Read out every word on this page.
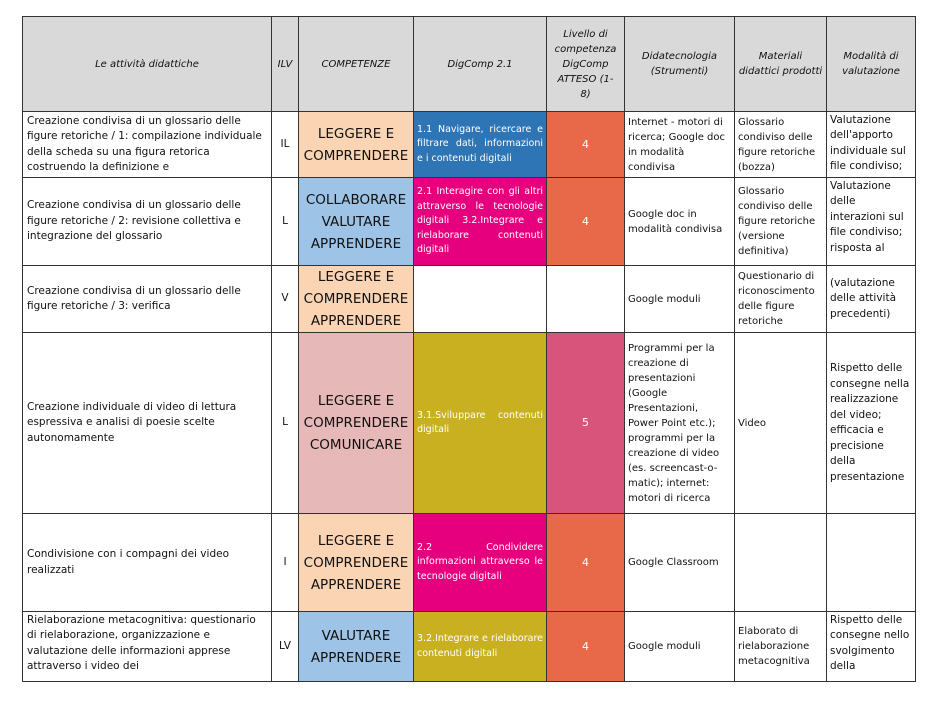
Le attività didattiche	ILV	COMPETENZE	DigComp 2.1	Livello di competenza DigComp ATTESO (1-8)	Didatecnologia (Strumenti)	Materiali didattici prodotti	Modalità di valutazione
Creazione condivisa di un glossario delle figure retoriche / 1: compilazione individuale della scheda su una figura retorica costruendo la definizione e	IL	LEGGERE E COMPRENDERE	1.1 Navigare, ricercare e filtrare dati, informazioni e i contenuti digitali	4	Internet - motori di ricerca; Google doc in modalità condivisa	Glossario condiviso delle figure retoriche (bozza)	Valutazione dell'apporto individuale sul file condiviso;

Creazione condivisa di un glossario delle figure retoriche / 2: revisione collettiva e integrazione del glossario	L	COLLABORARE VALUTARE APPRENDERE	2.1 Interagire con gli altri attraverso le tecnologie digitali 3.2.Integrare e rielaborare contenuti digitali	4	Google doc in modalità condivisa	Glossario condiviso delle figure retoriche (versione definitiva)	Valutazione delle interazioni sul file condiviso; risposta al

Creazione condivisa di un glossario delle figure retoriche / 3: verifica	V	LEGGERE E COMPRENDERE APPRENDERE			Google moduli	Questionario di riconoscimento delle figure retoriche	(valutazione delle attività precedenti)
Creazione individuale di video di lettura espressiva e analisi di poesie scelte autonomamente	L	LEGGERE E COMPRENDERE COMUNICARE	3.1.Sviluppare contenuti digitali	5	Programmi per la creazione di presentazioni (Google Presentazioni, Power Point etc.); programmi per la creazione di video (es. screencast-o-matic); internet: motori di ricerca	Video	Rispetto delle consegne nella realizzazione del video; efficacia e precisione della presentazione
Condivisione con i compagni dei video realizzati	I	LEGGERE E COMPRENDERE APPRENDERE	2.2 Condividere informazioni attraverso le tecnologie digitali	4	Google Classroom		

Rielaborazione metacognitiva: questionario di rielaborazione, organizzazione e valutazione delle informazioni apprese attraverso i video dei	LV	VALUTARE APPRENDERE	3.2.Integrare e rielaborare contenuti digitali	4	Google moduli	Elaborato di rielaborazione metacognitiva	Rispetto delle consegne nello svolgimento della
